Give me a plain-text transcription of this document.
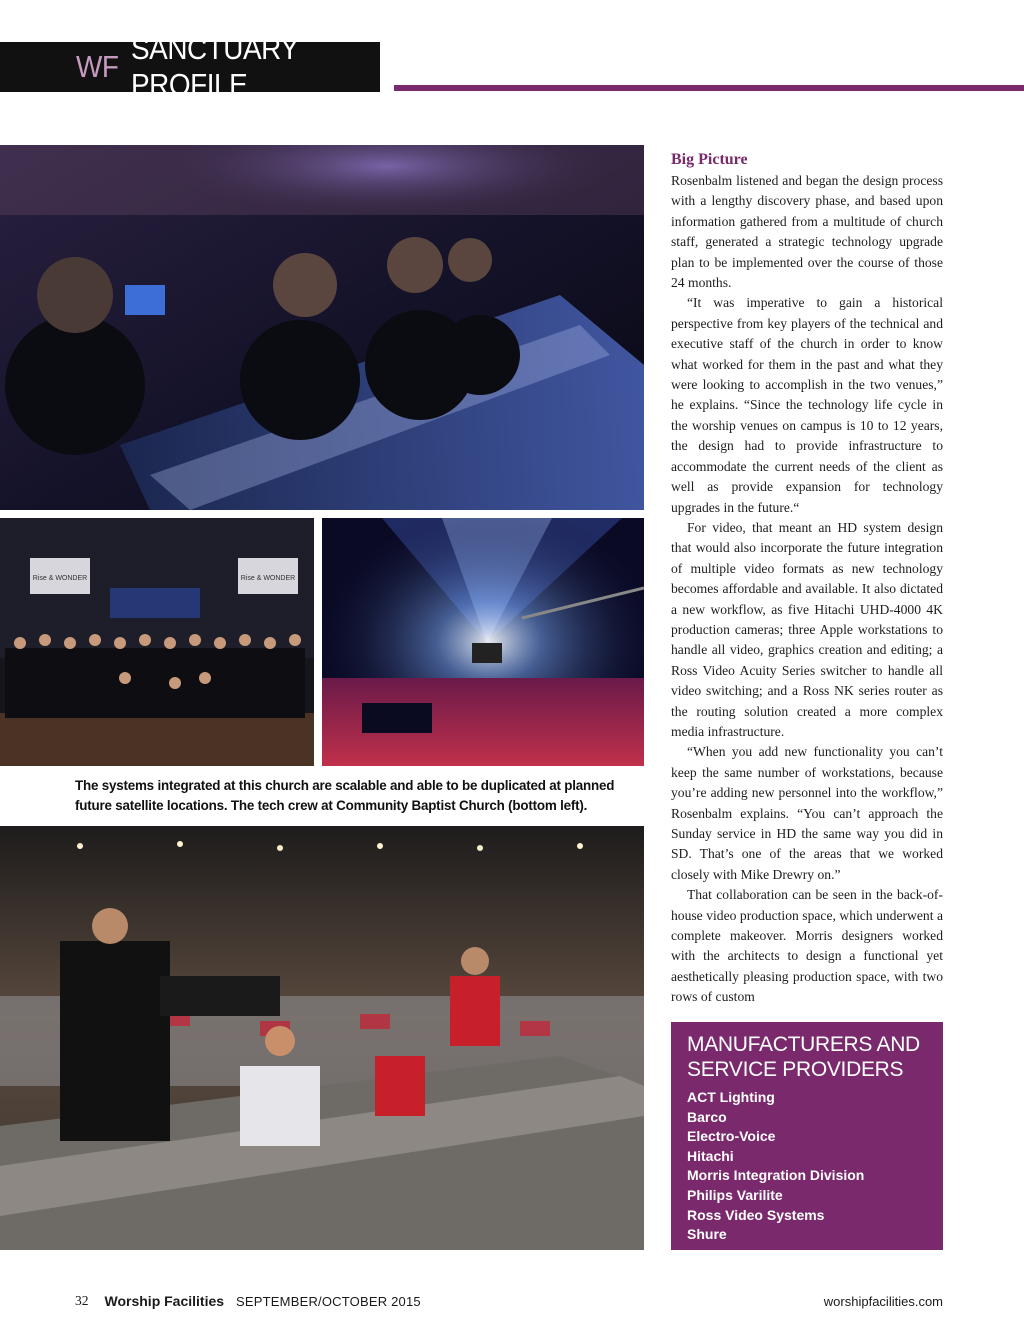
WF
SANCTUARY PROFILE
Rise & WONDER	Rise & WONDER
The systems integrated at this church are scalable and able to be duplicated at planned future satellite locations. The tech crew at Community Baptist Church (bottom left).
Big Picture

Rosenbalm listened and began the design process with a lengthy discovery phase, and based upon information gathered from a multitude of church staff, generated a strategic technology upgrade plan to be implemented over the course of those 24 months.

“It was imperative to gain a historical perspective from key players of the technical and executive staff of the church in order to know what worked for them in the past and what they were looking to accomplish in the two venues,” he explains. “Since the technology life cycle in the worship venues on campus is 10 to 12 years, the design had to provide infrastructure to accommodate the current needs of the client as well as provide expansion for technology upgrades in the future.“

For video, that meant an HD system design that would also incorporate the future integration of multiple video formats as new technology becomes affordable and available. It also dictated a new workflow, as five Hitachi UHD-4000 4K production cameras; three Apple workstations to handle all video, graphics creation and editing; a Ross Video Acuity Series switcher to handle all video switching; and a Ross NK series router as the routing solution created a more complex media infrastructure.

“When you add new functionality you can’t keep the same number of workstations, because you’re adding new personnel into the workflow,” Rosenbalm explains. “You can’t approach the Sunday service in HD the same way you did in SD. That’s one of the areas that we worked closely with Mike Drewry on.”

That collaboration can be seen in the back-of-house video production space, which underwent a complete makeover. Morris designers worked with the architects to design a functional yet aesthetically pleasing production space, with two rows of custom

MANUFACTURERS AND SERVICE PROVIDERS
ACT Lighting
Barco
Electro-Voice
Hitachi
Morris Integration Division
Philips Varilite
Ross Video Systems
Shure
32 Worship Facilities SEPTEMBER/OCTOBER 2015	worshipfacilities.com
